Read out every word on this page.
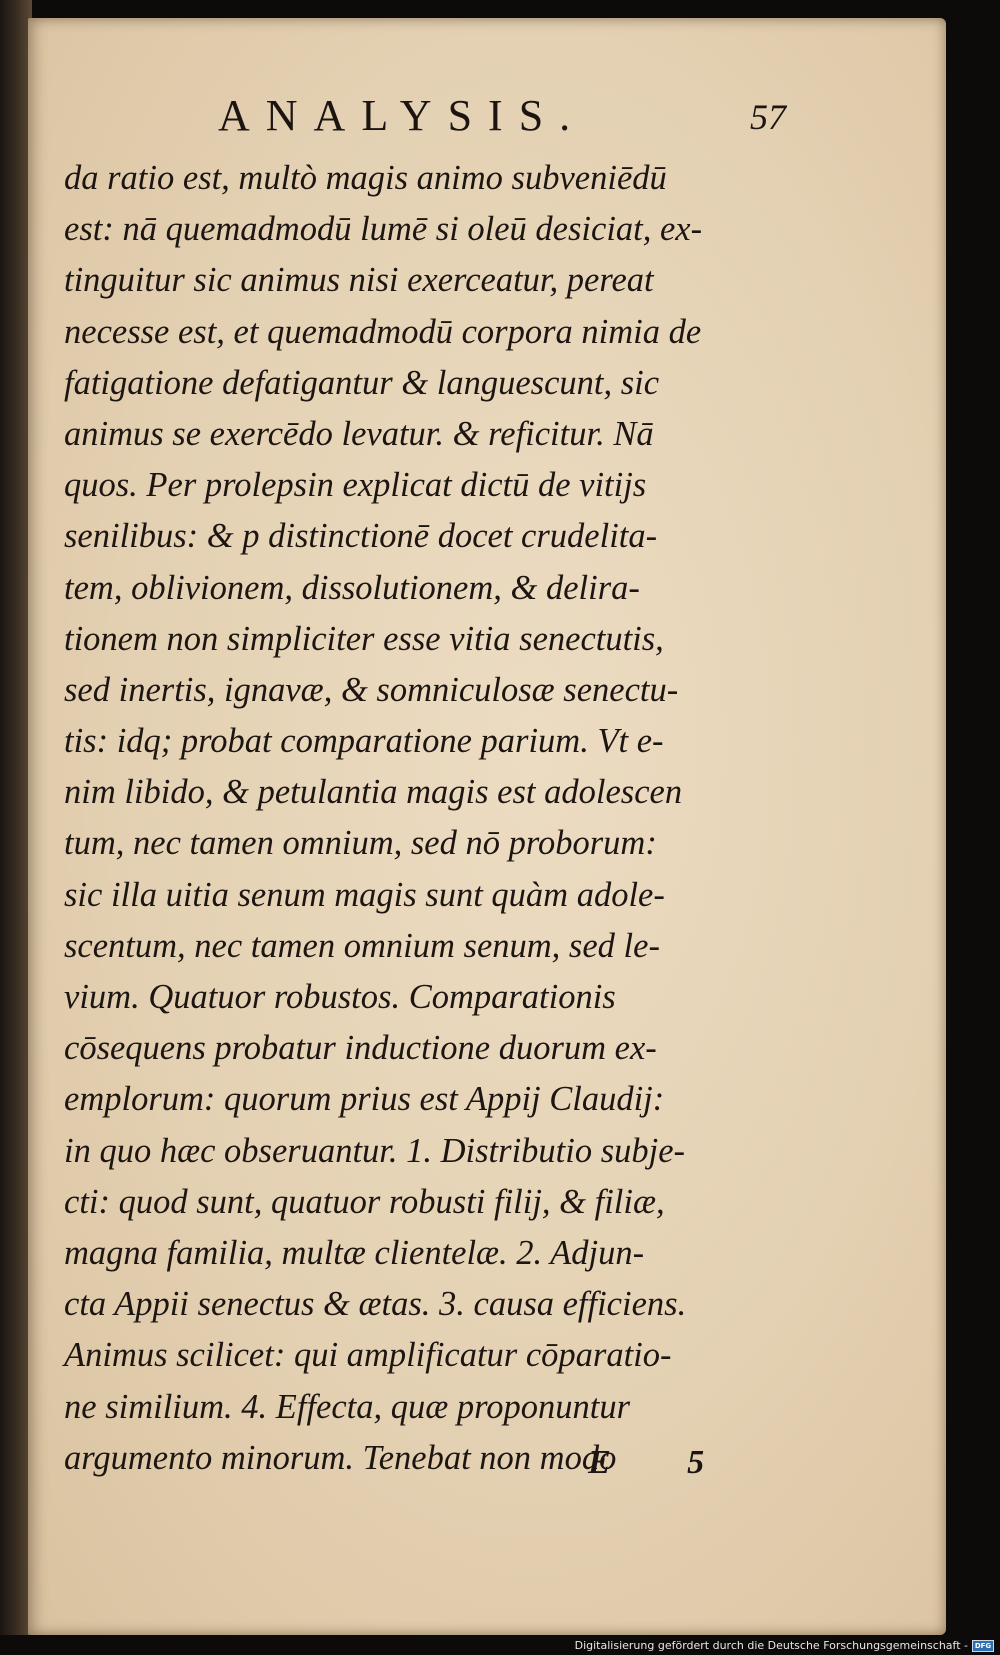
ANALYSIS.	57
da ratio est, multò magis animo subveniēdū
est: nā quemadmodū lumē si oleū desiciat, ex-
tinguitur sic animus nisi exerceatur, pereat
necesse est, et quemadmodū corpora nimia de
fatigatione defatigantur & languescunt, sic
animus se exercēdo levatur. & reficitur. Nā
quos. Per prolepsin explicat dictū de vitijs
senilibus: & p distinctionē docet crudelita-
tem, oblivionem, dissolutionem, & delira-
tionem non simpliciter esse vitia senectutis,
sed inertis, ignavæ, & somniculosæ senectu-
tis: idq; probat comparatione parium. Vt e-
nim libido, & petulantia magis est adolescen
tum, nec tamen omnium, sed nō proborum:
sic illa uitia senum magis sunt quàm adole-
scentum, nec tamen omnium senum, sed le-
vium. Quatuor robustos. Comparationis
cōsequens probatur inductione duorum ex-
emplorum: quorum prius est Appij Claudij:
in quo hæc obseruantur. 1. Distributio subje-
cti: quod sunt, quatuor robusti filij, & filiæ,
magna familia, multæ clientelæ. 2. Adjun-
cta Appii senectus & ætas. 3. causa efficiens.
Animus scilicet: qui amplificatur cōparatio-
ne similium. 4. Effecta, quæ proponuntur
argumento minorum. Tenebat non modo
E 5
Digitalisierung gefördert durch die Deutsche Forschungsgemeinschaft - DFG
